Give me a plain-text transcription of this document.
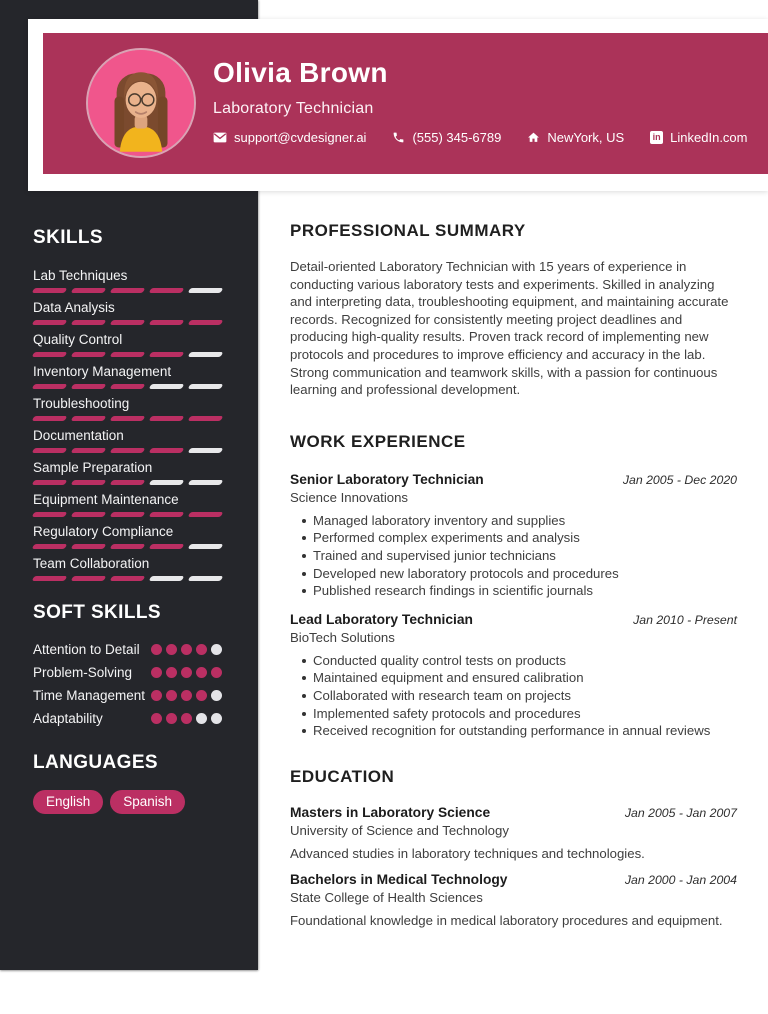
Olivia Brown
Laboratory Technician
support@cvdesigner.ai	(555) 345-6789	NewYork, US	in LinkedIn.com
SKILLS
Lab Techniques
Data Analysis
Quality Control
Inventory Management
Troubleshooting
Documentation
Sample Preparation
Equipment Maintenance
Regulatory Compliance
Team Collaboration
SOFT SKILLS
Attention to Detail
Problem-Solving
Time Management
Adaptability
LANGUAGES
English	Spanish
PROFESSIONAL SUMMARY

Detail-oriented Laboratory Technician with 15 years of experience in conducting various laboratory tests and experiments. Skilled in analyzing and interpreting data, troubleshooting equipment, and maintaining accurate records. Recognized for consistently meeting project deadlines and producing high-quality results. Proven track record of implementing new protocols and procedures to improve efficiency and accuracy in the lab. Strong communication and teamwork skills, with a passion for continuous learning and professional development.

WORK EXPERIENCE
Senior Laboratory Technician	Jan 2005 - Dec 2020
Science Innovations
Managed laboratory inventory and supplies
Performed complex experiments and analysis
Trained and supervised junior technicians
Developed new laboratory protocols and procedures
Published research findings in scientific journals
Lead Laboratory Technician	Jan 2010 - Present
BioTech Solutions
Conducted quality control tests on products
Maintained equipment and ensured calibration
Collaborated with research team on projects
Implemented safety protocols and procedures
Received recognition for outstanding performance in annual reviews
EDUCATION
Masters in Laboratory Science	Jan 2005 - Jan 2007
University of Science and Technology
Advanced studies in laboratory techniques and technologies.
Bachelors in Medical Technology	Jan 2000 - Jan 2004
State College of Health Sciences
Foundational knowledge in medical laboratory procedures and equipment.
